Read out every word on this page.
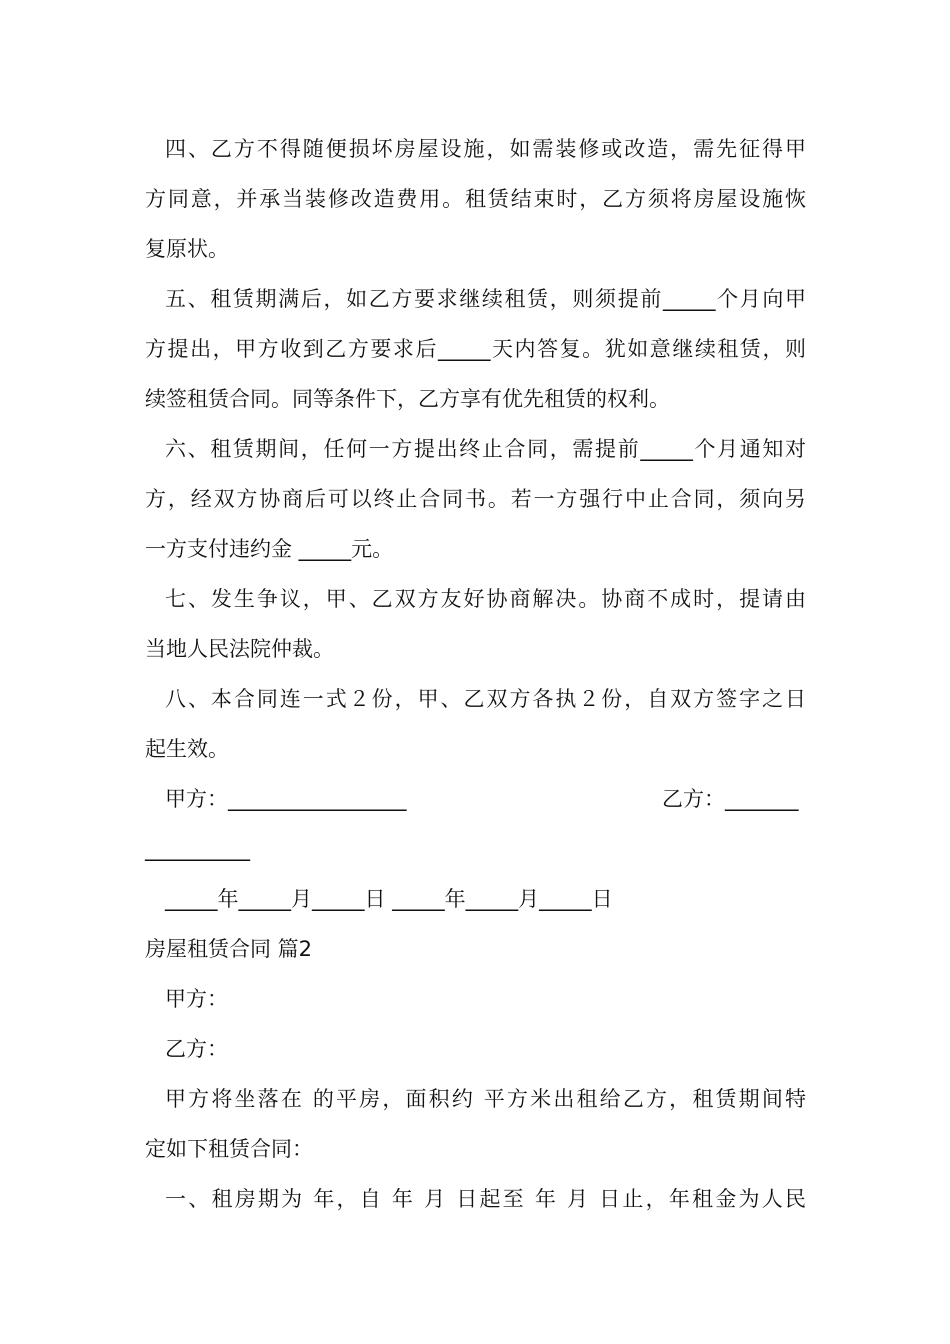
四、乙方不得随便损坏房屋设施，如需装修或改造，需先征得甲
方同意，并承当装修改造费用。租赁结束时，乙方须将房屋设施恢
复原状。
五、租赁期满后，如乙方要求继续租赁，则须提前_____个月向甲
方提出，甲方收到乙方要求后_____天内答复。犹如意继续租赁，则
续签租赁合同。同等条件下，乙方享有优先租赁的权利。
六、租赁期间，任何一方提出终止合同，需提前_____个月通知对
方，经双方协商后可以终止合同书。若一方强行中止合同，须向另
一方支付违约金 _____元。
七、发生争议，甲、乙双方友好协商解决。协商不成时，提请由
当地人民法院仲裁。
八、本合同连一式２份，甲、乙双方各执２份，自双方签字之日
起生效。
甲方：_________________	乙方：_______
__________
_____年_____月_____日 _____年_____月_____日
房屋租赁合同 篇2
甲方：
乙方：
甲方将坐落在 的平房，面积约 平方米出租给乙方，租赁期间特
定如下租赁合同：
一、租房期为 年，自 年 月 日起至 年 月 日止，年租金为人民
